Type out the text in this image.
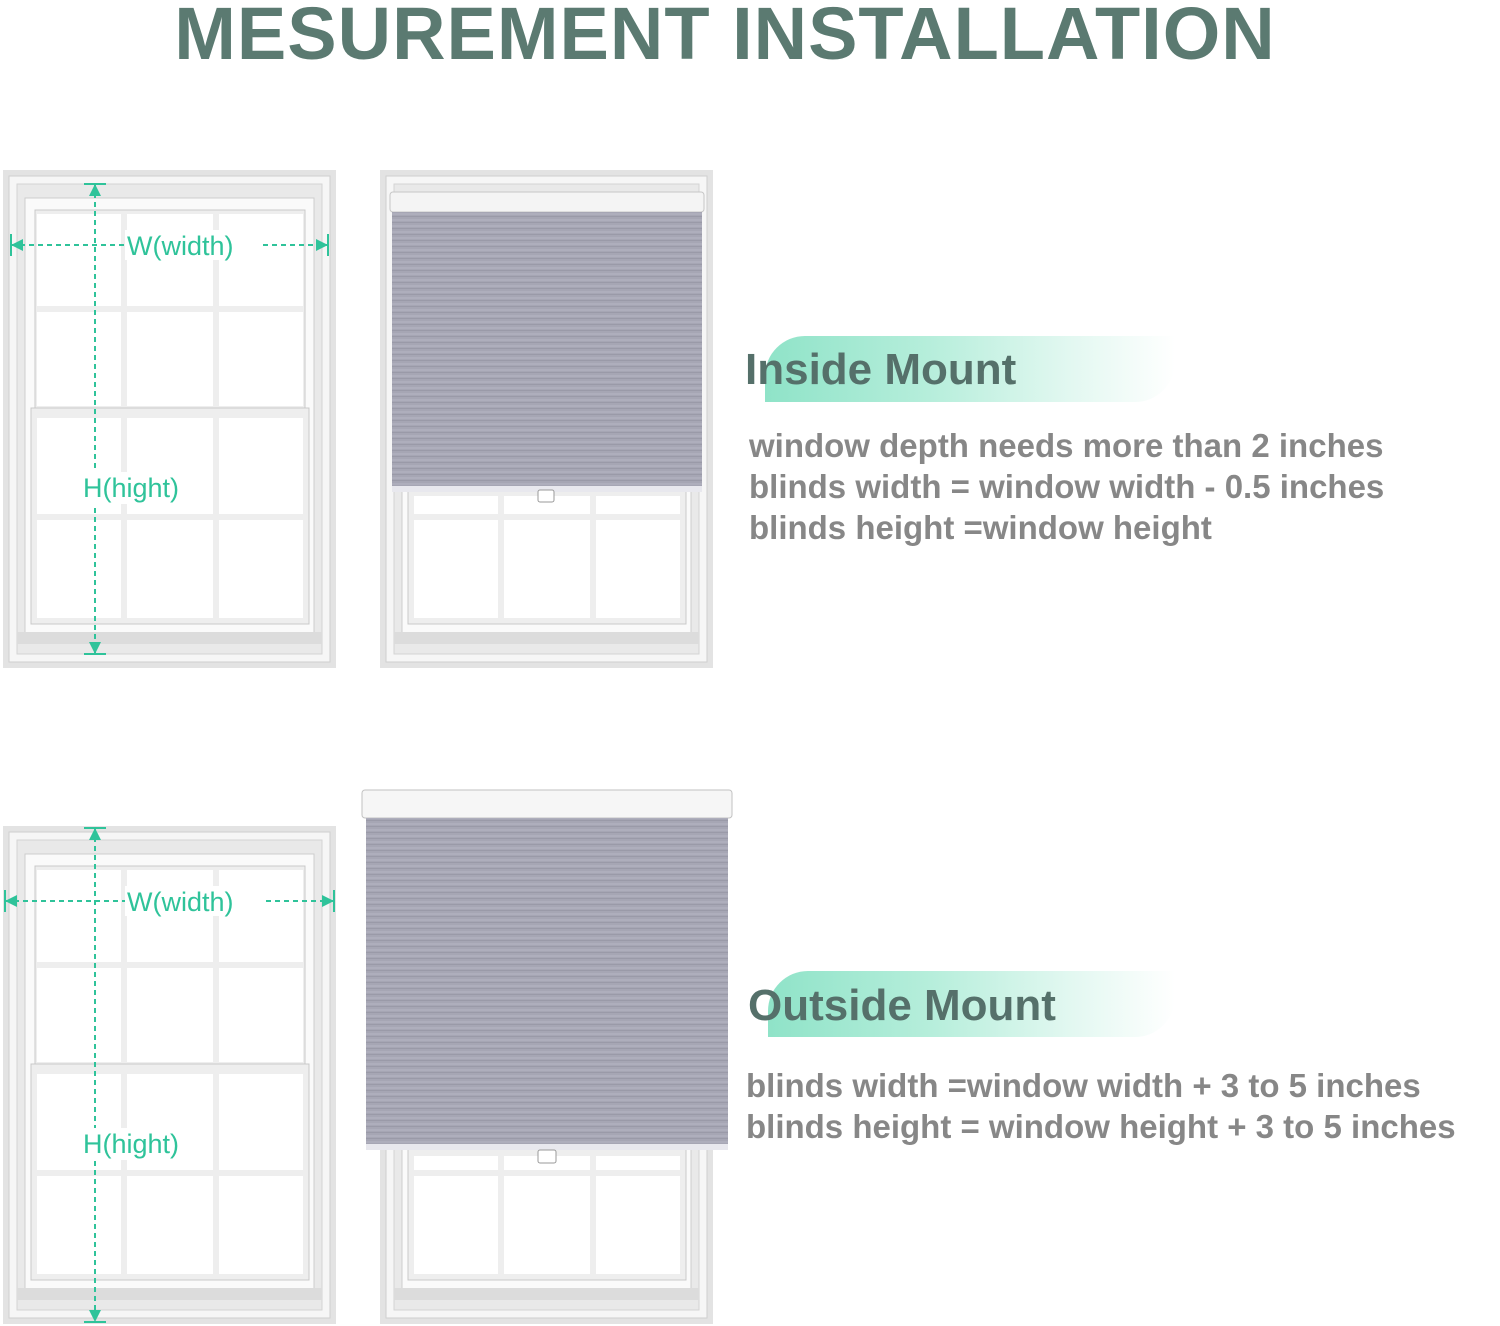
MESUREMENT INSTALLATION
W(width)
H(hight)
Inside Mount
window depth needs more than 2 inches
blinds width = window width - 0.5 inches
blinds height =window height
W(width)
H(hight)
Outside Mount
blinds width =window width + 3 to 5 inches
blinds height = window height + 3 to 5 inches
